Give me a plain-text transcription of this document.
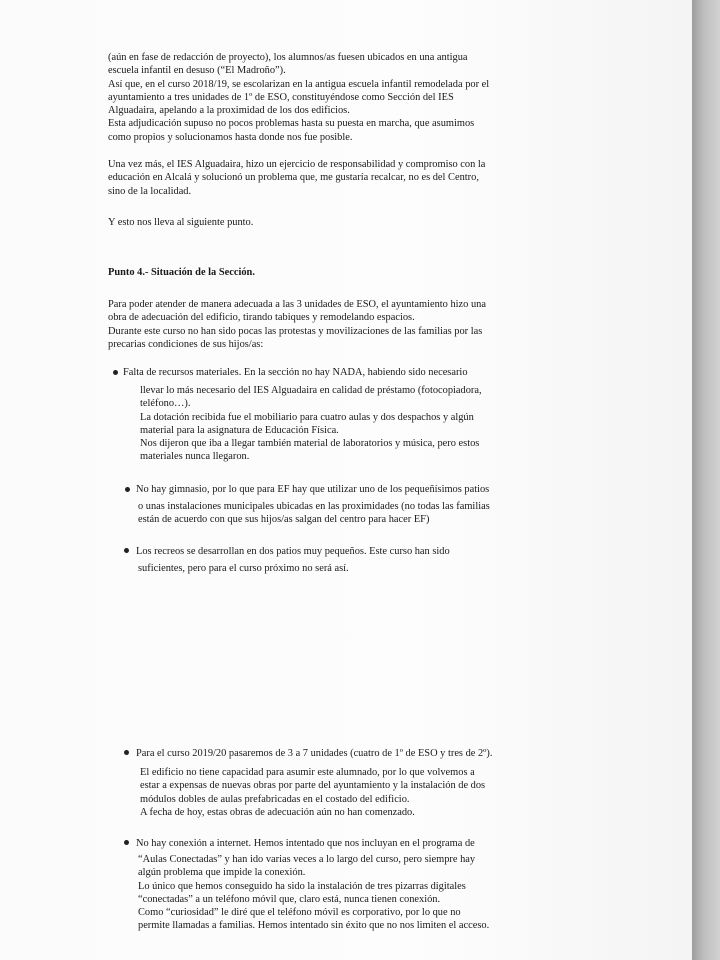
(aún en fase de redacción de proyecto), los alumnos/as fuesen ubicados en una antigua

escuela infantil en desuso (“El Madroño”).

Así que, en el curso 2018/19, se escolarizan en la antigua escuela infantil remodelada por el

ayuntamiento a tres unidades de 1º de ESO, constituyéndose como Sección del IES

Alguadaira, apelando a la proximidad de los dos edificios.

Esta adjudicación supuso no pocos problemas hasta su puesta en marcha, que asumimos

como propios y solucionamos hasta donde nos fue posible.

Una vez más, el IES Alguadaira, hizo un ejercicio de responsabilidad y compromiso con la

educación en Alcalá y solucionó un problema que, me gustaría recalcar, no es del Centro,

sino de la localidad.

Y esto nos lleva al siguiente punto.

Punto 4.- Situación de la Sección.

Para poder atender de manera adecuada a las 3 unidades de ESO, el ayuntamiento hizo una

obra de adecuación del edificio, tirando tabiques y remodelando espacios.

Durante este curso no han sido pocas las protestas y movilizaciones de las familias por las

precarias condiciones de sus hijos/as:

Falta de recursos materiales. En la sección no hay NADA, habiendo sido necesario

llevar lo más necesario del IES Alguadaira en calidad de préstamo (fotocopiadora,

teléfono…).

La dotación recibida fue el mobiliario para cuatro aulas y dos despachos y algún

material para la asignatura de Educación Física.

Nos dijeron que iba a llegar también material de laboratorios y música, pero estos

materiales nunca llegaron.

No hay gimnasio, por lo que para EF hay que utilizar uno de los pequeñísimos patios

o unas instalaciones municipales ubicadas en las proximidades (no todas las familias

están de acuerdo con que sus hijos/as salgan del centro para hacer EF)

Los recreos se desarrollan en dos patios muy pequeños. Este curso han sido

suficientes, pero para el curso próximo no será así.

Para el curso 2019/20 pasaremos de 3 a 7 unidades (cuatro de 1º de ESO y tres de 2º).

El edificio no tiene capacidad para asumir este alumnado, por lo que volvemos a

estar a expensas de nuevas obras por parte del ayuntamiento y la instalación de dos

módulos dobles de aulas prefabricadas en el costado del edificio.

A fecha de hoy, estas obras de adecuación aún no han comenzado.

No hay conexión a internet. Hemos intentado que nos incluyan en el programa de

“Aulas Conectadas” y han ido varias veces a lo largo del curso, pero siempre hay

algún problema que impide la conexión.

Lo único que hemos conseguido ha sido la instalación de tres pizarras digitales

“conectadas” a un teléfono móvil que, claro está, nunca tienen conexión.

Como “curiosidad” le diré que el teléfono móvil es corporativo, por lo que no

permite llamadas a familias. Hemos intentado sin éxito que no nos limiten el acceso.
